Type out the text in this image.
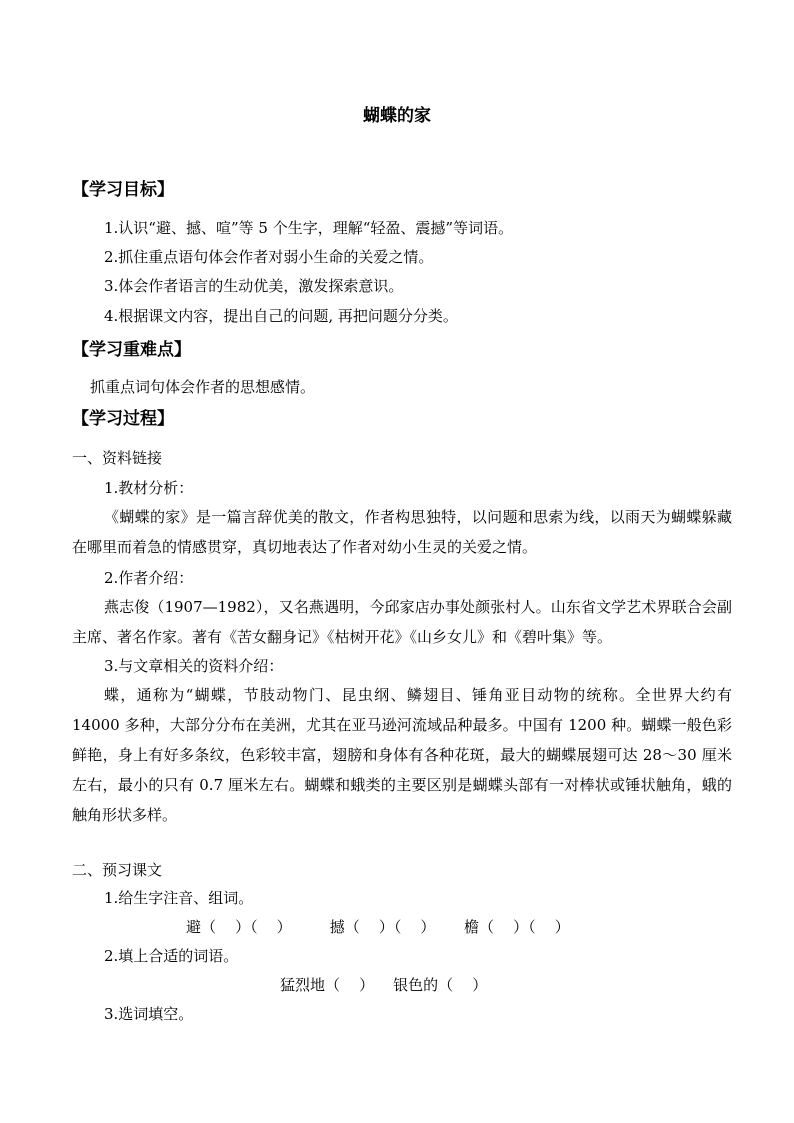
蝴蝶的家
【学习目标】
1.认识“避、撼、喧”等 5 个生字，理解“轻盈、震撼”等词语。
2.抓住重点语句体会作者对弱小生命的关爱之情。
3.体会作者语言的生动优美，激发探索意识。
4.根据课文内容，提出自己的问题, 再把问题分分类。
【学习重难点】
抓重点词句体会作者的思想感情。
【学习过程】
一、资料链接
1.教材分析：
《蝴蝶的家》是一篇言辞优美的散文，作者构思独特，以问题和思索为线，以雨天为蝴蝶躲藏在哪里而着急的情感贯穿，真切地表达了作者对幼小生灵的关爱之情。
2.作者介绍：
燕志俊（1907—1982），又名燕遇明，今邱家店办事处颜张村人。山东省文学艺术界联合会副主席、著名作家。著有《苦女翻身记》《枯树开花》《山乡女儿》和《碧叶集》等。
3.与文章相关的资料介绍：
蝶，通称为“蝴蝶，节肢动物门、昆虫纲、鳞翅目、锤角亚目动物的统称。全世界大约有 14000 多种，大部分分布在美洲，尤其在亚马逊河流域品种最多。中国有 1200 种。蝴蝶一般色彩鲜艳，身上有好多条纹，色彩较丰富，翅膀和身体有各种花斑，最大的蝴蝶展翅可达 28～30 厘米左右，最小的只有 0.7 厘米左右。蝴蝶和蛾类的主要区别是蝴蝶头部有一对棒状或锤状触角，蛾的触角形状多样。
二、预习课文
1.给生字注音、组词。
避（    ）（    ）        撼（    ）（    ）      檐（    ）（    ）
2.填上合适的词语。
猛烈地（    ）    银色的（    ）
3.选词填空。
